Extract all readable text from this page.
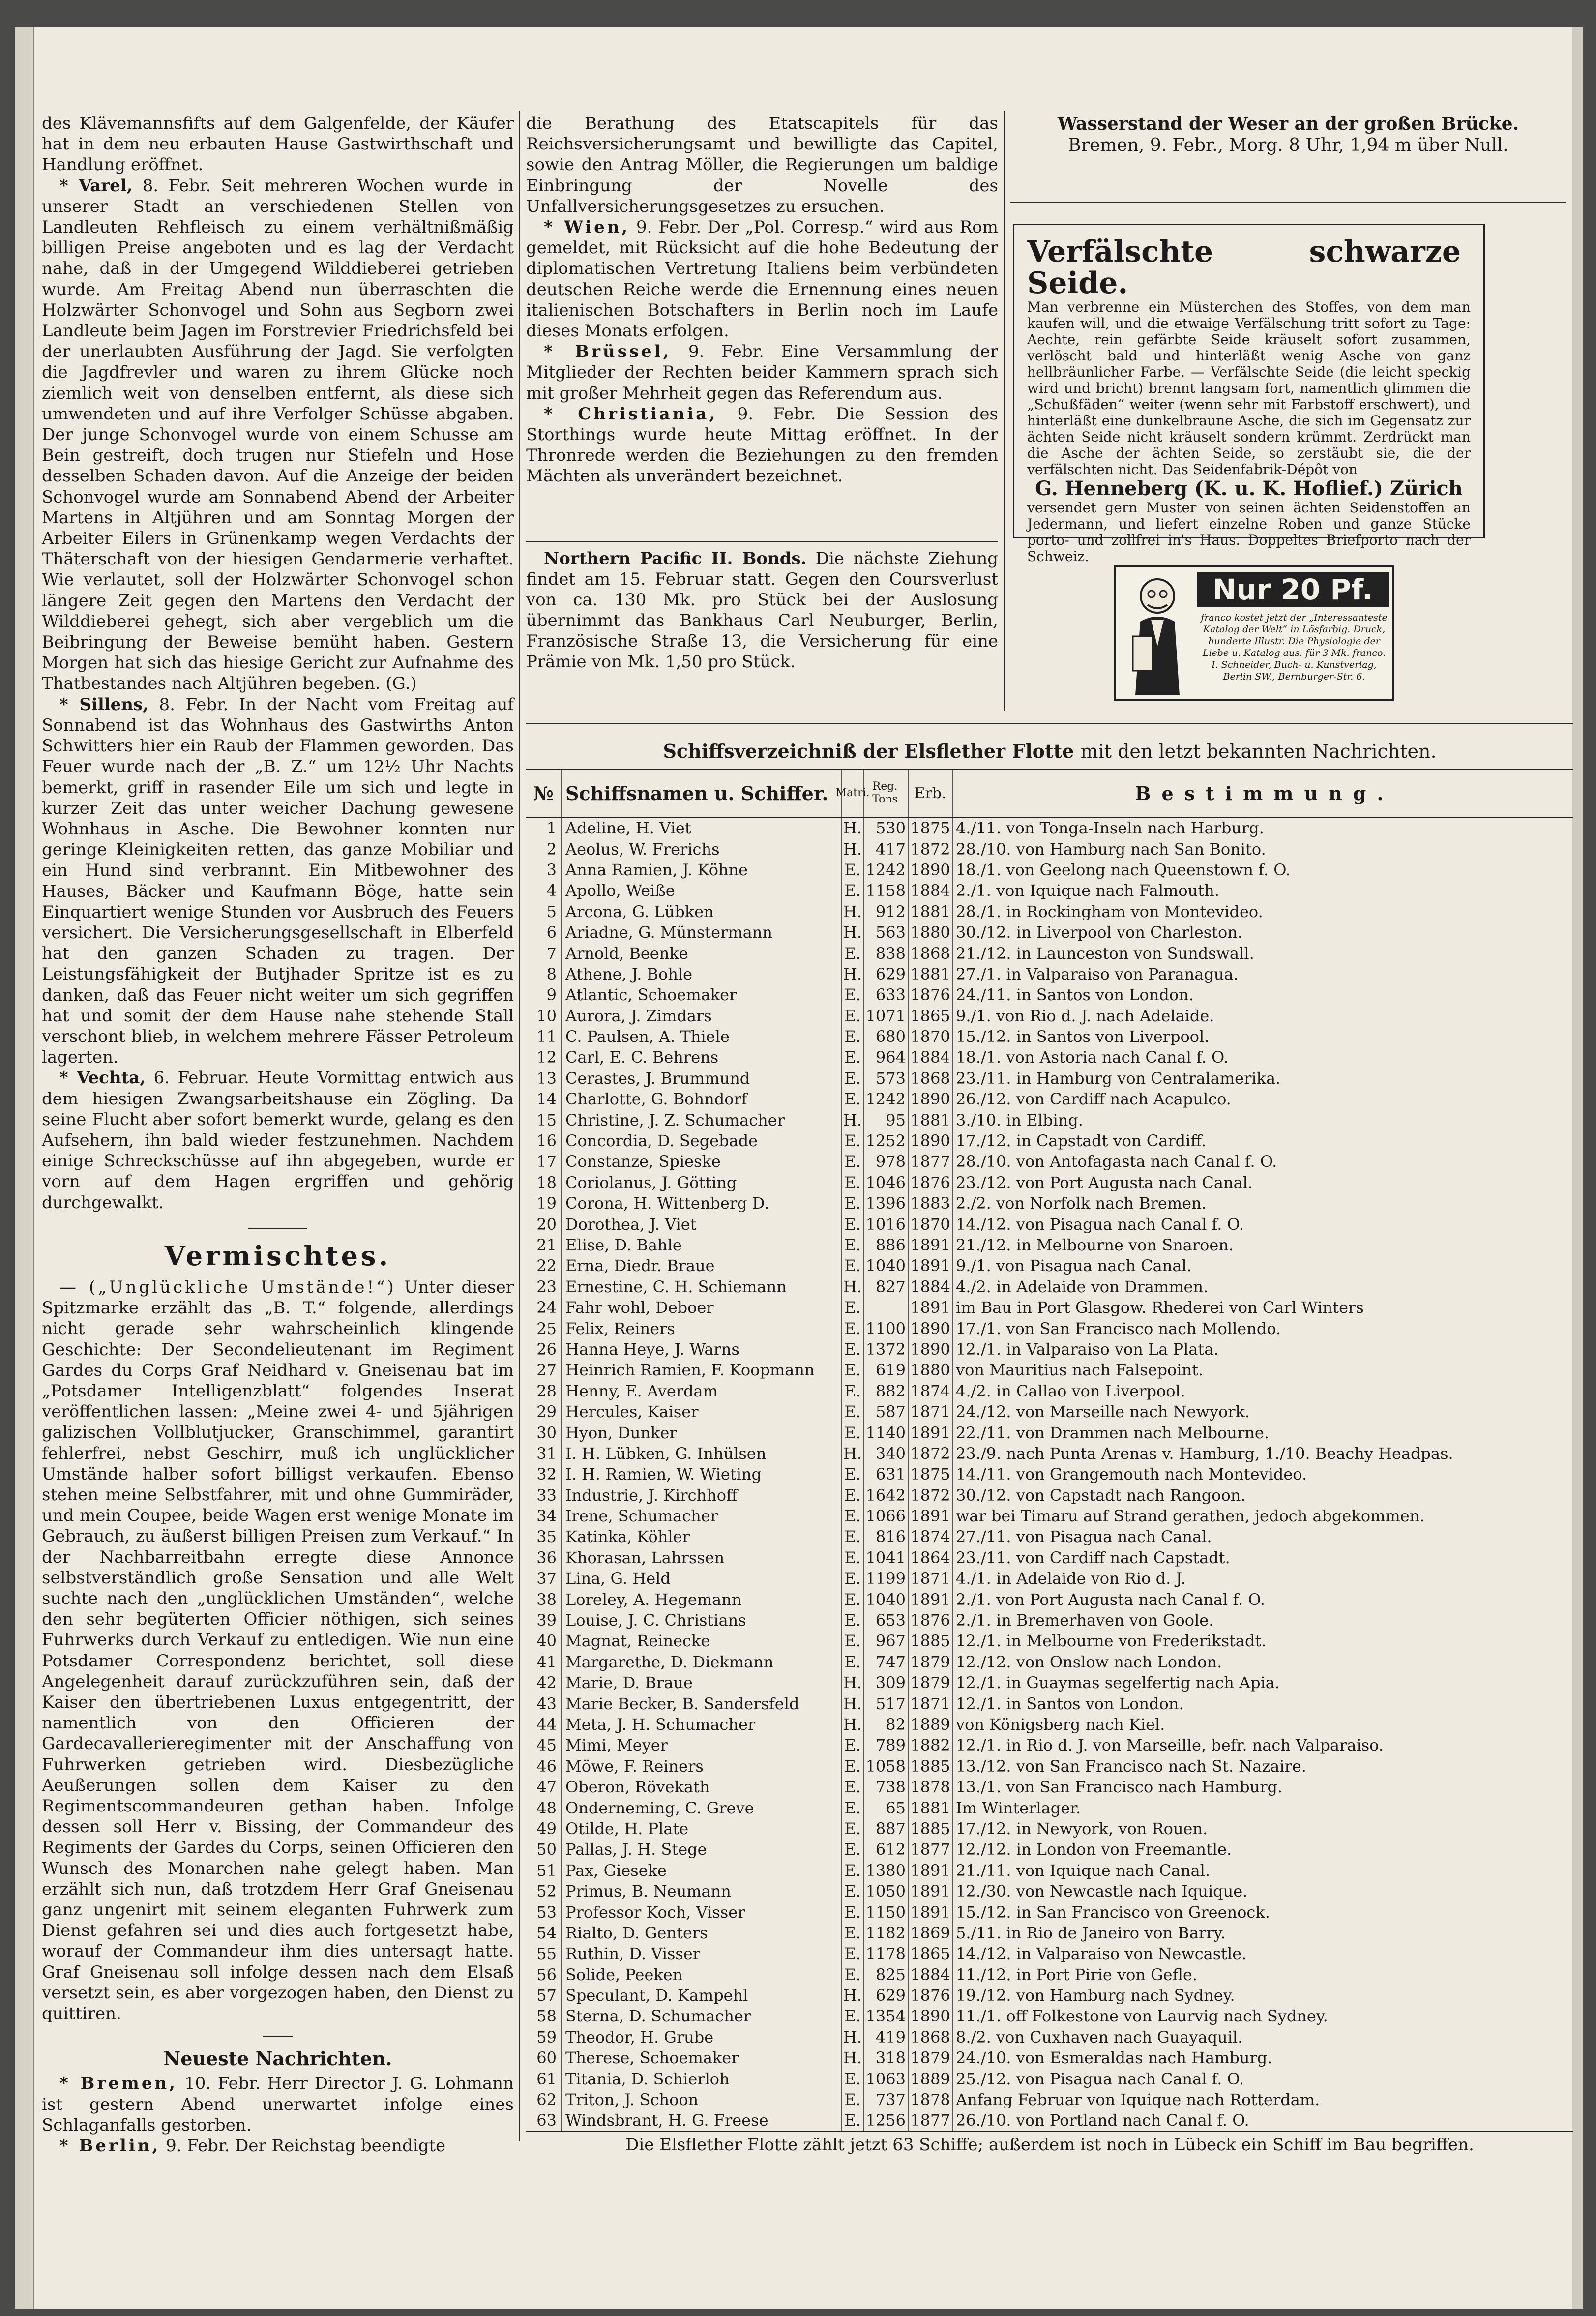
des Klävemannsfifts auf dem Galgenfelde, der Käufer hat in dem neu erbauten Hause Gastwirthschaft und Handlung eröffnet.

* Varel, 8. Febr. Seit mehreren Wochen wurde in unserer Stadt an verschiedenen Stellen von Landleuten Rehfleisch zu einem verhältnißmäßig billigen Preise angeboten und es lag der Verdacht nahe, daß in der Umgegend Wilddieberei getrieben wurde. Am Freitag Abend nun überraschten die Holzwärter Schonvogel und Sohn aus Segborn zwei Landleute beim Jagen im Forstrevier Friedrichsfeld bei der unerlaubten Ausführung der Jagd. Sie verfolgten die Jagdfrevler und waren zu ihrem Glücke noch ziemlich weit von denselben entfernt, als diese sich umwendeten und auf ihre Verfolger Schüsse abgaben. Der junge Schonvogel wurde von einem Schusse am Bein gestreift, doch trugen nur Stiefeln und Hose desselben Schaden davon. Auf die Anzeige der beiden Schonvogel wurde am Sonnabend Abend der Arbeiter Martens in Altjühren und am Sonntag Morgen der Arbeiter Eilers in Grünenkamp wegen Verdachts der Thäterschaft von der hiesigen Gendarmerie verhaftet. Wie verlautet, soll der Holzwärter Schonvogel schon längere Zeit gegen den Martens den Verdacht der Wilddieberei gehegt, sich aber vergeblich um die Beibringung der Beweise bemüht haben. Gestern Morgen hat sich das hiesige Gericht zur Aufnahme des Thatbestandes nach Altjühren begeben. (G.)

* Sillens, 8. Febr. In der Nacht vom Freitag auf Sonnabend ist das Wohnhaus des Gastwirths Anton Schwitters hier ein Raub der Flammen geworden. Das Feuer wurde nach der „B. Z.“ um 12½ Uhr Nachts bemerkt, griff in rasender Eile um sich und legte in kurzer Zeit das unter weicher Dachung gewesene Wohnhaus in Asche. Die Bewohner konnten nur geringe Kleinigkeiten retten, das ganze Mobiliar und ein Hund sind verbrannt. Ein Mitbewohner des Hauses, Bäcker und Kaufmann Böge, hatte sein Einquartiert wenige Stunden vor Ausbruch des Feuers versichert. Die Versicherungsgesellschaft in Elberfeld hat den ganzen Schaden zu tragen. Der Leistungsfähigkeit der Butjhader Spritze ist es zu danken, daß das Feuer nicht weiter um sich gegriffen hat und somit der dem Hause nahe stehende Stall verschont blieb, in welchem mehrere Fässer Petroleum lagerten.

* Vechta, 6. Februar. Heute Vormittag entwich aus dem hiesigen Zwangsarbeitshause ein Zögling. Da seine Flucht aber sofort bemerkt wurde, gelang es den Aufsehern, ihn bald wieder festzunehmen. Nachdem einige Schreckschüsse auf ihn abgegeben, wurde er vorn auf dem Hagen ergriffen und gehörig durchgewalkt.

Vermischtes.

— („Unglückliche Umstände!“) Unter dieser Spitzmarke erzählt das „B. T.“ folgende, allerdings nicht gerade sehr wahrscheinlich klingende Geschichte: Der Secondelieutenant im Regiment Gardes du Corps Graf Neidhard v. Gneisenau bat im „Potsdamer Intelligenzblatt“ folgendes Inserat veröffentlichen lassen: „Meine zwei 4- und 5jährigen galizischen Vollblutjucker, Granschimmel, garantirt fehlerfrei, nebst Geschirr, muß ich unglücklicher Umstände halber sofort billigst verkaufen. Ebenso stehen meine Selbstfahrer, mit und ohne Gummiräder, und mein Coupee, beide Wagen erst wenige Monate im Gebrauch, zu äußerst billigen Preisen zum Verkauf.“ In der Nachbarreitbahn erregte diese Annonce selbstverständlich große Sensation und alle Welt suchte nach den „unglücklichen Umständen“, welche den sehr begüterten Officier nöthigen, sich seines Fuhrwerks durch Verkauf zu entledigen. Wie nun eine Potsdamer Correspondenz berichtet, soll diese Angelegenheit darauf zurückzuführen sein, daß der Kaiser den übertriebenen Luxus entgegentritt, der namentlich von den Officieren der Gardecavallerieregimenter mit der Anschaffung von Fuhrwerken getrieben wird. Diesbezügliche Aeußerungen sollen dem Kaiser zu den Regimentscommandeuren gethan haben. Infolge dessen soll Herr v. Bissing, der Commandeur des Regiments der Gardes du Corps, seinen Officieren den Wunsch des Monarchen nahe gelegt haben. Man erzählt sich nun, daß trotzdem Herr Graf Gneisenau ganz ungenirt mit seinem eleganten Fuhrwerk zum Dienst gefahren sei und dies auch fortgesetzt habe, worauf der Commandeur ihm dies untersagt hatte. Graf Gneisenau soll infolge dessen nach dem Elsaß versetzt sein, es aber vorgezogen haben, den Dienst zu quittiren.

Neueste Nachrichten.

* Bremen, 10. Febr. Herr Director J. G. Lohmann ist gestern Abend unerwartet infolge eines Schlaganfalls gestorben.

* Berlin, 9. Febr. Der Reichstag beendigte

die Berathung des Etatscapitels für das Reichsversicherungsamt und bewilligte das Capitel, sowie den Antrag Möller, die Regierungen um baldige Einbringung der Novelle des Unfallversicherungsgesetzes zu ersuchen.

* Wien, 9. Febr. Der „Pol. Corresp.“ wird aus Rom gemeldet, mit Rücksicht auf die hohe Bedeutung der diplomatischen Vertretung Italiens beim verbündeten deutschen Reiche werde die Ernennung eines neuen italienischen Botschafters in Berlin noch im Laufe dieses Monats erfolgen.

* Brüssel, 9. Febr. Eine Versammlung der Mitglieder der Rechten beider Kammern sprach sich mit großer Mehrheit gegen das Referendum aus.

* Christiania, 9. Febr. Die Session des Storthings wurde heute Mittag eröffnet. In der Thronrede werden die Beziehungen zu den fremden Mächten als unverändert bezeichnet.

Northern Pacific II. Bonds. Die nächste Ziehung findet am 15. Februar statt. Gegen den Coursverlust von ca. 130 Mk. pro Stück bei der Auslosung übernimmt das Bankhaus Carl Neuburger, Berlin, Französische Straße 13, die Versicherung für eine Prämie von Mk. 1,50 pro Stück.

Wasserstand der Weser an der großen Brücke.
Bremen, 9. Febr., Morg. 8 Uhr, 1,94 m über Null.
Verfälschte schwarze Seide.
Man verbrenne ein Müsterchen des Stoffes, von dem man kaufen will, und die etwaige Verfälschung tritt sofort zu Tage: Aechte, rein gefärbte Seide kräuselt sofort zusammen, verlöscht bald und hinterläßt wenig Asche von ganz hellbräunlicher Farbe. — Verfälschte Seide (die leicht speckig wird und bricht) brennt langsam fort, namentlich glimmen die „Schußfäden“ weiter (wenn sehr mit Farbstoff erschwert), und hinterläßt eine dunkelbraune Asche, die sich im Gegensatz zur ächten Seide nicht kräuselt sondern krümmt. Zerdrückt man die Asche der ächten Seide, so zerstäubt sie, die der verfälschten nicht. Das Seidenfabrik-Dépôt von
G. Henneberg (K. u. K. Hoflief.) Zürich
versendet gern Muster von seinen ächten Seidenstoffen an Jedermann, und liefert einzelne Roben und ganze Stücke porto- und zollfrei in's Haus. Doppeltes Briefporto nach der Schweiz.
Nur 20 Pf.
franco kostet jetzt der „Interessanteste Katalog der Welt“ in Lösfarbig. Druck, hunderte Illustr. Die Physiologie der Liebe u. Katalog aus. für 3 Mk. franco. I. Schneider, Buch- u. Kunstverlag, Berlin SW., Bernburger-Str. 6.
Schiffsverzeichniß der Elsflether Flotte mit den letzt bekannten Nachrichten.
№ Schiffsnamen u. Schiffer. Matri.
Reg. Tons	Erb.	Bestimmung.
1 Adeline, H. Viet	H. 530 1875 4./11. von Tonga-Inseln nach Harburg.
2 Aeolus, W. Frerichs	H. 417 1872 28./10. von Hamburg nach San Bonito.
3 Anna Ramien, J. Köhne	E. 1242 1890 18./1. von Geelong nach Queenstown f. O.
4 Apollo, Weiße	E. 1158 1884 2./1. von Iquique nach Falmouth.
5 Arcona, G. Lübken	H. 912 1881 28./1. in Rockingham von Montevideo.
6 Ariadne, G. Münstermann	H. 563 1880 30./12. in Liverpool von Charleston.
7 Arnold, Beenke	E. 838 1868 21./12. in Launceston von Sundswall.
8 Athene, J. Bohle	H. 629 1881 27./1. in Valparaiso von Paranagua.
9 Atlantic, Schoemaker	E. 633 1876 24./11. in Santos von London.
10 Aurora, J. Zimdars	E. 1071 1865 9./1. von Rio d. J. nach Adelaide.
11 C. Paulsen, A. Thiele	E. 680 1870 15./12. in Santos von Liverpool.
12 Carl, E. C. Behrens	E. 964 1884 18./1. von Astoria nach Canal f. O.
13 Cerastes, J. Brummund	E. 573 1868 23./11. in Hamburg von Centralamerika.
14 Charlotte, G. Bohndorf	E. 1242 1890 26./12. von Cardiff nach Acapulco.
15 Christine, J. Z. Schumacher	H.	95 1881 3./10. in Elbing.
16 Concordia, D. Segebade	E. 1252 1890 17./12. in Capstadt von Cardiff.
17 Constanze, Spieske	E. 978 1877 28./10. von Antofagasta nach Canal f. O.
18 Coriolanus, J. Götting	E. 1046 1876 23./12. von Port Augusta nach Canal.
19 Corona, H. Wittenberg D.	E. 1396 1883 2./2. von Norfolk nach Bremen.
20 Dorothea, J. Viet	E. 1016 1870 14./12. von Pisagua nach Canal f. O.
21 Elise, D. Bahle	E. 886 1891 21./12. in Melbourne von Snaroen.
22 Erna, Diedr. Braue	E. 1040 1891 9./1. von Pisagua nach Canal.
23 Ernestine, C. H. Schiemann	H. 827 1884 4./2. in Adelaide von Drammen.
24 Fahr wohl, Deboer	E.	1891 im Bau in Port Glasgow. Rhederei von Carl Winters
25 Felix, Reiners	E. 1100 1890 17./1. von San Francisco nach Mollendo.
26 Hanna Heye, J. Warns	E. 1372 1890 12./1. in Valparaiso von La Plata.
27 Heinrich Ramien, F. Koopmann	E. 619 1880 von Mauritius nach Falsepoint.
28 Henny, E. Averdam	E. 882 1874 4./2. in Callao von Liverpool.
29 Hercules, Kaiser	E. 587 1871 24./12. von Marseille nach Newyork.
30 Hyon, Dunker	E. 1140 1891 22./11. von Drammen nach Melbourne.
31 I. H. Lübken, G. Inhülsen	H. 340 1872 23./9. nach Punta Arenas v. Hamburg, 1./10. Beachy Headpas.
32 I. H. Ramien, W. Wieting	E. 631 1875 14./11. von Grangemouth nach Montevideo.
33 Industrie, J. Kirchhoff	E. 1642 1872 30./12. von Capstadt nach Rangoon.
34 Irene, Schumacher	E. 1066 1891 war bei Timaru auf Strand gerathen, jedoch abgekommen.
35 Katinka, Köhler	E. 816 1874 27./11. von Pisagua nach Canal.
36 Khorasan, Lahrssen	E. 1041 1864 23./11. von Cardiff nach Capstadt.
37 Lina, G. Held	E. 1199 1871 4./1. in Adelaide von Rio d. J.
38 Loreley, A. Hegemann	E. 1040 1891 2./1. von Port Augusta nach Canal f. O.
39 Louise, J. C. Christians	E. 653 1876 2./1. in Bremerhaven von Goole.
40 Magnat, Reinecke	E. 967 1885 12./1. in Melbourne von Frederikstadt.
41 Margarethe, D. Diekmann	E. 747 1879 12./12. von Onslow nach London.
42 Marie, D. Braue	H. 309 1879 12./1. in Guaymas segelfertig nach Apia.
43 Marie Becker, B. Sandersfeld	H. 517 1871 12./1. in Santos von London.
44 Meta, J. H. Schumacher	H.	82 1889 von Königsberg nach Kiel.
45 Mimi, Meyer	E. 789 1882 12./1. in Rio d. J. von Marseille, befr. nach Valparaiso.
46 Möwe, F. Reiners	E. 1058 1885 13./12. von San Francisco nach St. Nazaire.
47 Oberon, Rövekath	E. 738 1878 13./1. von San Francisco nach Hamburg.
48 Onderneming, C. Greve	E.	65 1881 Im Winterlager.
49 Otilde, H. Plate	E. 887 1885 17./12. in Newyork, von Rouen.
50 Pallas, J. H. Stege	E. 612 1877 12./12. in London von Freemantle.
51 Pax, Gieseke	E. 1380 1891 21./11. von Iquique nach Canal.
52 Primus, B. Neumann	E. 1050 1891 12./30. von Newcastle nach Iquique.
53 Professor Koch, Visser	E. 1150 1891 15./12. in San Francisco von Greenock.
54 Rialto, D. Genters	E. 1182 1869 5./11. in Rio de Janeiro von Barry.
55 Ruthin, D. Visser	E. 1178 1865 14./12. in Valparaiso von Newcastle.
56 Solide, Peeken	E. 825 1884 11./12. in Port Pirie von Gefle.
57 Speculant, D. Kampehl	H. 629 1876 19./12. von Hamburg nach Sydney.
58 Sterna, D. Schumacher	E. 1354 1890 11./1. off Folkestone von Laurvig nach Sydney.
59 Theodor, H. Grube	H. 419 1868 8./2. von Cuxhaven nach Guayaquil.
60 Therese, Schoemaker	H. 318 1879 24./10. von Esmeraldas nach Hamburg.
61 Titania, D. Schierloh	E. 1063 1889 25./12. von Pisagua nach Canal f. O.
62 Triton, J. Schoon	E. 737 1878 Anfang Februar von Iquique nach Rotterdam.
63 Windsbrant, H. G. Freese	E. 1256 1877 26./10. von Portland nach Canal f. O.
Die Elsflether Flotte zählt jetzt 63 Schiffe; außerdem ist noch in Lübeck ein Schiff im Bau begriffen.
